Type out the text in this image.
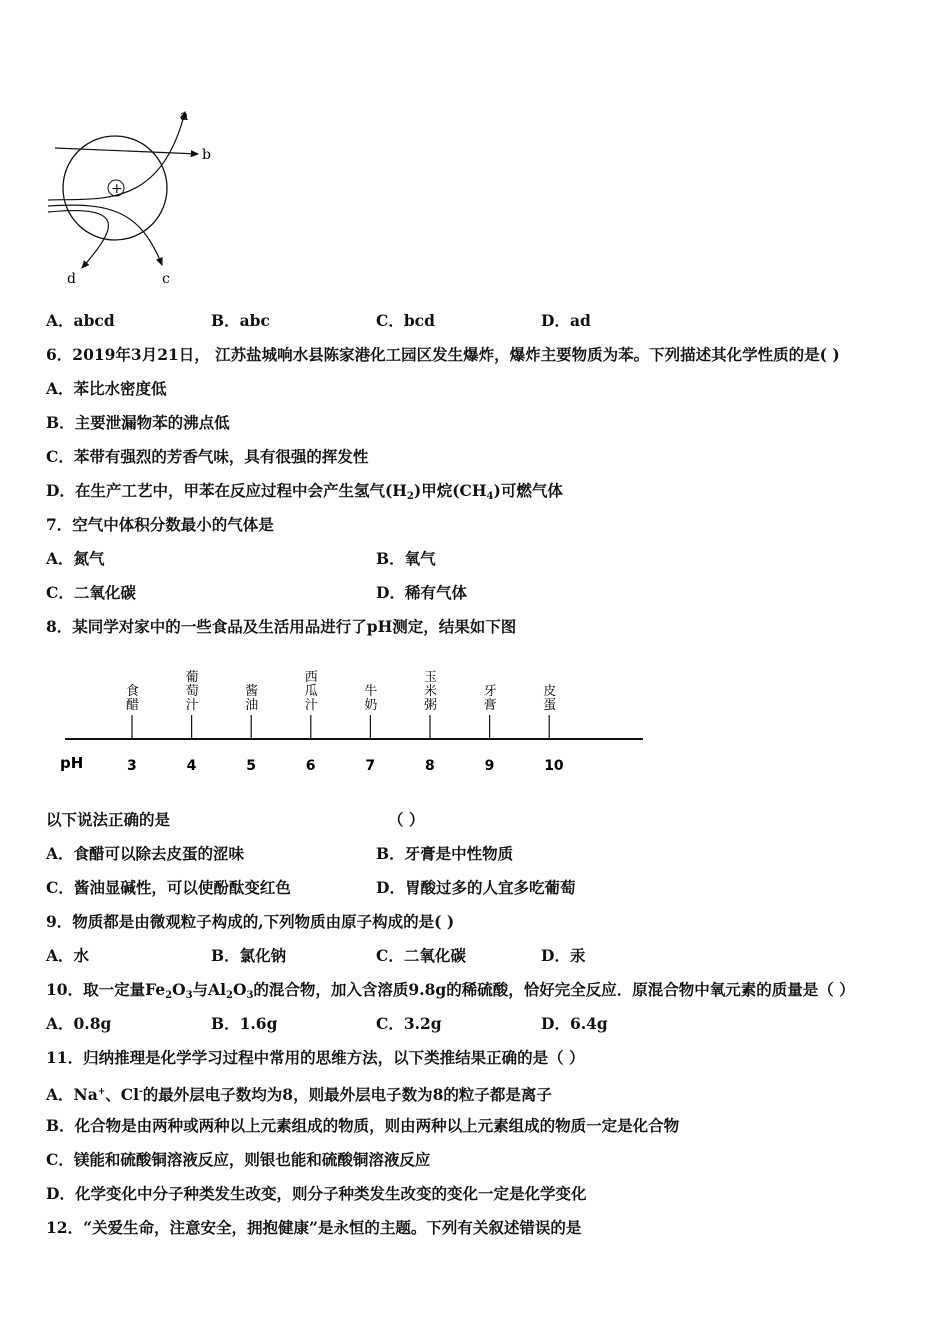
+
a
b
c
d
A．abcd	B．abc	C．bcd	D．ad
6．2019年3月21日， 江苏盐城响水县陈家港化工园区发生爆炸，爆炸主要物质为苯。下列描述其化学性质的是( )
A．苯比水密度低
B．主要泄漏物苯的沸点低
C．苯带有强烈的芳香气味，具有很强的挥发性
D．在生产工艺中，甲苯在反应过程中会产生氢气$(H_2)$甲烷$(CH_4)$可燃气体
7．空气中体积分数最小的气体是
A．氮气	B．氧气
C．二氧化碳	D．稀有气体
8．某同学对家中的一些食品及生活用品进行了pH测定，结果如下图
pH	3
食
醋
4
葡
萄
汁
5
酱
油
6
西
瓜
汁
7
牛
奶
8
玉
米
粥
9
牙
膏
10
皮
蛋
以下说法正确的是	（ ）
A．食醋可以除去皮蛋的涩味	B．牙膏是中性物质
C．酱油显碱性，可以使酚酞变红色	D．胃酸过多的人宜多吃葡萄
9．物质都是由微观粒子构成的,下列物质由原子构成的是( )
A．水	B．氯化钠	C．二氧化碳	D．汞
10．取一定量$Fe_2O_3$与$Al_2O_3$的混合物，加入含溶质9.8g的稀硫酸，恰好完全反应．原混合物中氧元素的质量是（ ）
A．0.8g	B．1.6g	C．3.2g	D．6.4g
11．归纳推理是化学学习过程中常用的思维方法，以下类推结果正确的是（ ）
A．Na+、Cl-的最外层电子数均为8，则最外层电子数为8的粒子都是离子
B．化合物是由两种或两种以上元素组成的物质，则由两种以上元素组成的物质一定是化合物
C．镁能和硫酸铜溶液反应，则银也能和硫酸铜溶液反应
D．化学变化中分子种类发生改变，则分子种类发生改变的变化一定是化学变化
12．“关爱生命，注意安全，拥抱健康”是永恒的主题。下列有关叙述错误的是
